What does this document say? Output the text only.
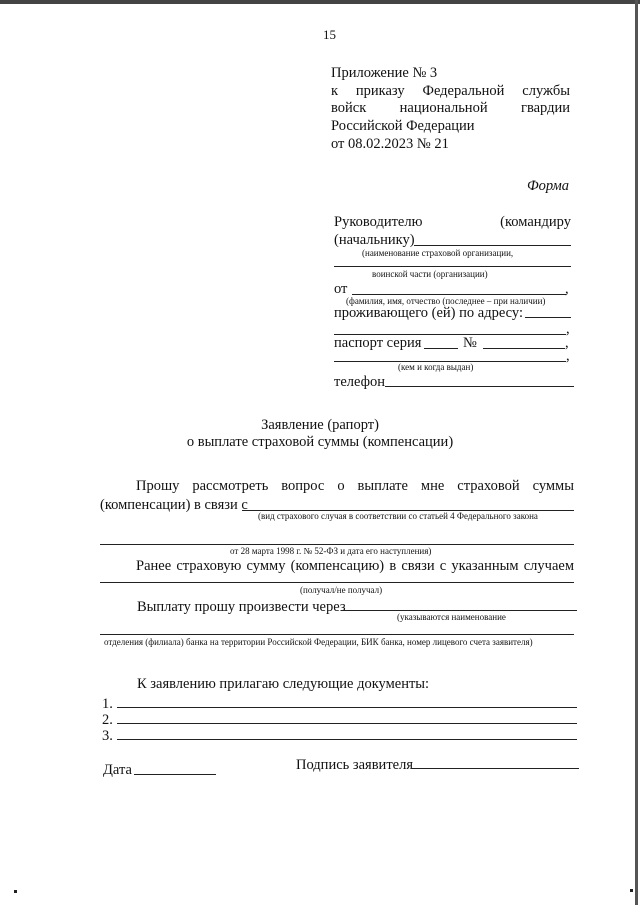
15
Приложение № 3
к приказу Федеральной службы
войск национальной гвардии
Российской Федерации
от 08.02.2023 № 21
Форма
Руководителю	(командиру
(начальнику)
(наименование страховой организации,
воинской части (организации)
от	,
(фамилия, имя, отчество (последнее – при наличии)
проживающего (ей) по адресу:
,
паспорт серия	№	,
,
(кем и когда выдан)
телефон
Заявление (рапорт)
о выплате страховой суммы (компенсации)
Прошу рассмотреть вопрос о выплате мне страховой суммы
(компенсации) в связи с
(вид страхового случая в соответствии со статьей 4 Федерального закона
от 28 марта 1998 г. № 52-ФЗ и дата его наступления)
Ранее страховую сумму (компенсацию) в связи с указанным случаем
(получал/не получал)
Выплату прошу произвести через
(указываются наименование
отделения (филиала) банка на территории Российской Федерации, БИК банка, номер лицевого счета заявителя)
К заявлению прилагаю следующие документы:
1.
2.
3.
Дата	Подпись заявителя
